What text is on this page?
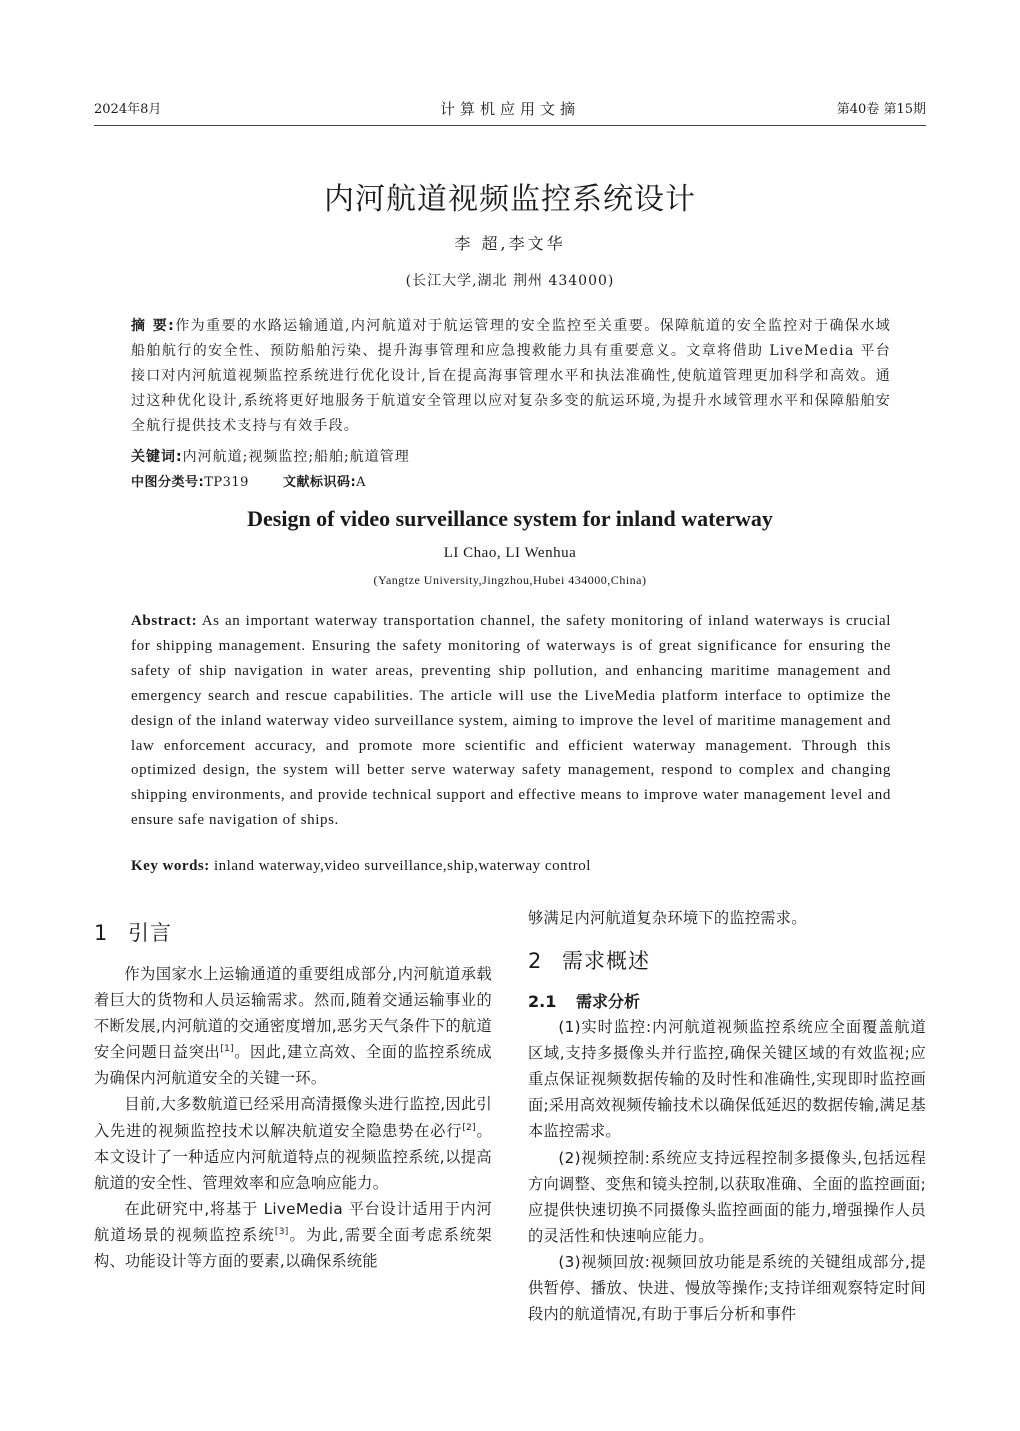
2024年8月	计算机应用文摘	第40卷 第15期
内河航道视频监控系统设计
李 超,李文华
(长江大学,湖北 荆州 434000)
摘 要:作为重要的水路运输通道,内河航道对于航运管理的安全监控至关重要。保障航道的安全监控对于确保水域船舶航行的安全性、预防船舶污染、提升海事管理和应急搜救能力具有重要意义。文章将借助 LiveMedia 平台接口对内河航道视频监控系统进行优化设计,旨在提高海事管理水平和执法准确性,使航道管理更加科学和高效。通过这种优化设计,系统将更好地服务于航道安全管理以应对复杂多变的航运环境,为提升水域管理水平和保障船舶安全航行提供技术支持与有效手段。
关键词:内河航道;视频监控;船舶;航道管理
中图分类号:TP319	文献标识码:A
Design of video surveillance system for inland waterway
LI Chao, LI Wenhua
(Yangtze University,Jingzhou,Hubei 434000,China)
Abstract: As an important waterway transportation channel, the safety monitoring of inland waterways is crucial for shipping management. Ensuring the safety monitoring of waterways is of great significance for ensuring the safety of ship navigation in water areas, preventing ship pollution, and enhancing maritime management and emergency search and rescue capabilities. The article will use the LiveMedia platform interface to optimize the design of the inland waterway video surveillance system, aiming to improve the level of maritime management and law enforcement accuracy, and promote more scientific and efficient waterway management. Through this optimized design, the system will better serve waterway safety management, respond to complex and changing shipping environments, and provide technical support and effective means to improve water management level and ensure safe navigation of ships.
Key words: inland waterway,video surveillance,ship,waterway control
1 引言

作为国家水上运输通道的重要组成部分,内河航道承载着巨大的货物和人员运输需求。然而,随着交通运输事业的不断发展,内河航道的交通密度增加,恶劣天气条件下的航道安全问题日益突出[1]。因此,建立高效、全面的监控系统成为确保内河航道安全的关键一环。

目前,大多数航道已经采用高清摄像头进行监控,因此引入先进的视频监控技术以解决航道安全隐患势在必行[2]。本文设计了一种适应内河航道特点的视频监控系统,以提高航道的安全性、管理效率和应急响应能力。

在此研究中,将基于 LiveMedia 平台设计适用于内河航道场景的视频监控系统[3]。为此,需要全面考虑系统架构、功能设计等方面的要素,以确保系统能

够满足内河航道复杂环境下的监控需求。

2 需求概述
2.1 需求分析

(1)实时监控:内河航道视频监控系统应全面覆盖航道区域,支持多摄像头并行监控,确保关键区域的有效监视;应重点保证视频数据传输的及时性和准确性,实现即时监控画面;采用高效视频传输技术以确保低延迟的数据传输,满足基本监控需求。

(2)视频控制:系统应支持远程控制多摄像头,包括远程方向调整、变焦和镜头控制,以获取准确、全面的监控画面;应提供快速切换不同摄像头监控画面的能力,增强操作人员的灵活性和快速响应能力。

(3)视频回放:视频回放功能是系统的关键组成部分,提供暂停、播放、快进、慢放等操作;支持详细观察特定时间段内的航道情况,有助于事后分析和事件
